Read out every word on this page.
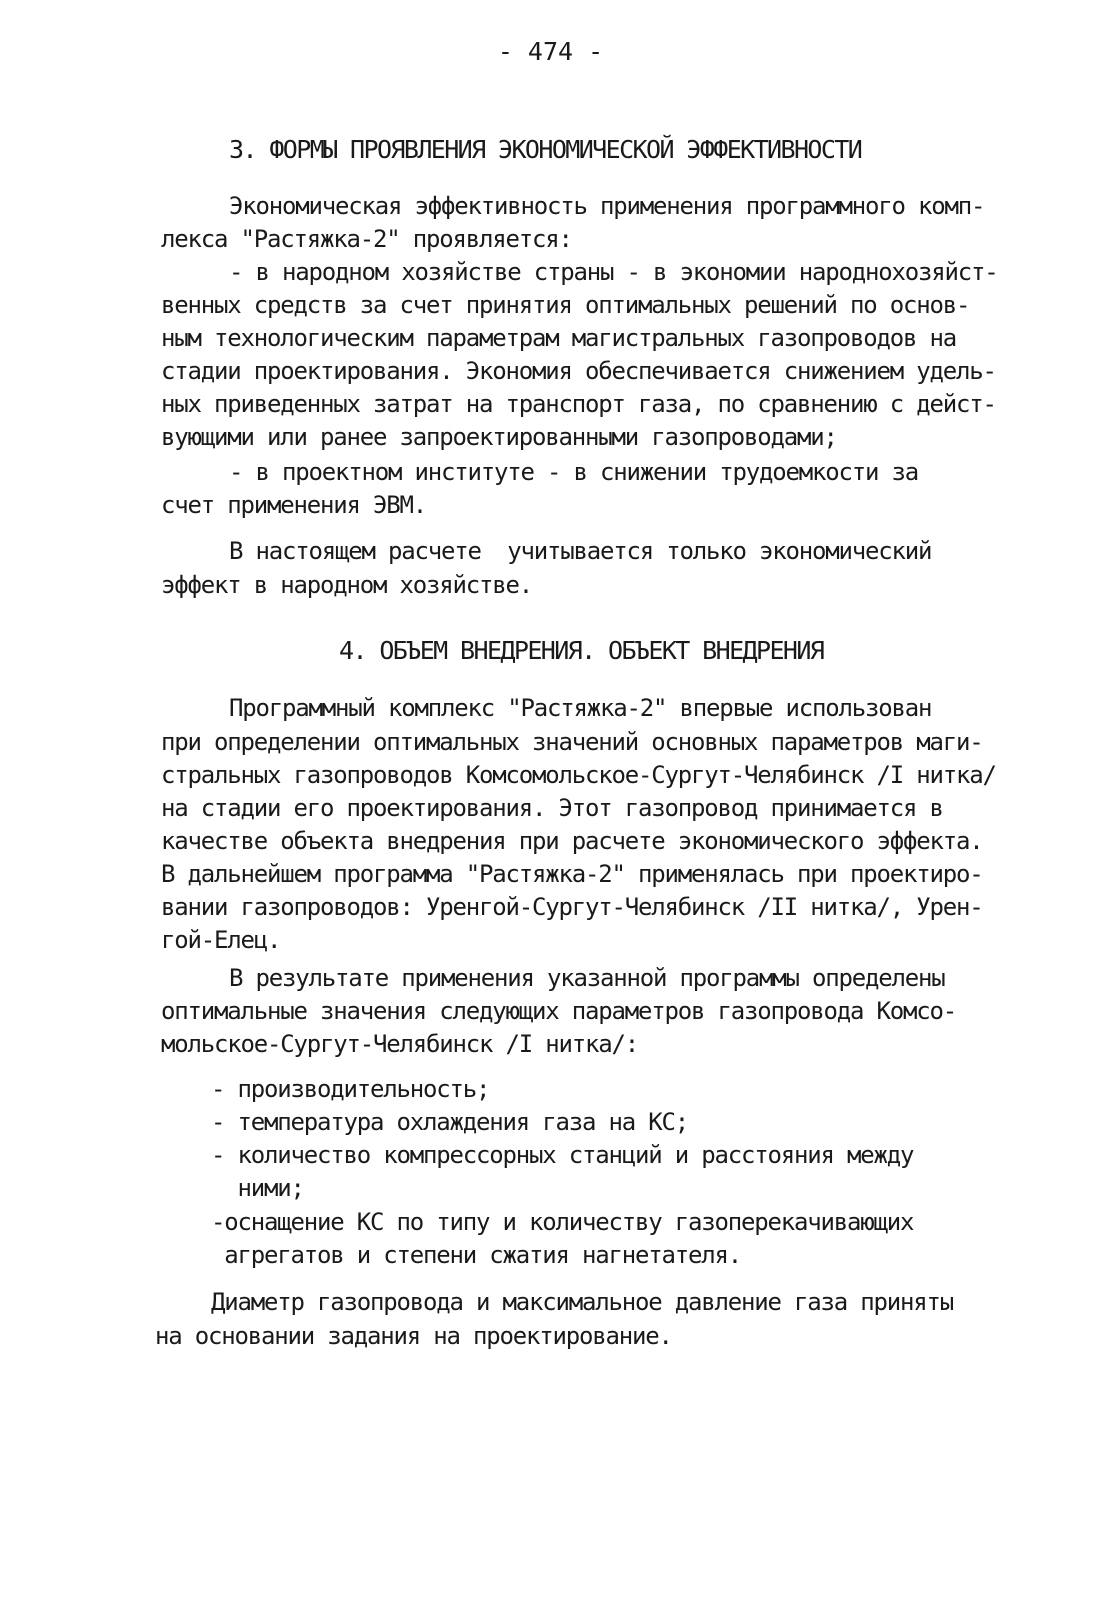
- 474 -
3. ФОРМЫ ПРОЯВЛЕНИЯ ЭКОНОМИЧЕСКОЙ ЭФФЕКТИВНОСТИ
Экономическая эффективность применения программного комп-
лекса "Растяжка-2" проявляется:
- в народном хозяйстве страны - в экономии народнохозяйст-
венных средств за счет принятия оптимальных решений по основ-
ным технологическим параметрам магистральных газопроводов на
стадии проектирования. Экономия обеспечивается снижением удель-
ных приведенных затрат на транспорт газа, по сравнению с дейст-
вующими или ранее запроектированными газопроводами;
- в проектном институте - в снижении трудоемкости за
счет применения ЭВМ.
В настоящем расчете  учитывается только экономический
эффект в народном хозяйстве.
4. ОБЪЕМ ВНЕДРЕНИЯ. ОБЪЕКТ ВНЕДРЕНИЯ
Программный комплекс "Растяжка-2" впервые использован
при определении оптимальных значений основных параметров маги-
стральных газопроводов Комсомольское-Сургут-Челябинск /I нитка/
на стадии его проектирования. Этот газопровод принимается в
качестве объекта внедрения при расчете экономического эффекта.
В дальнейшем программа "Растяжка-2" применялась при проектиро-
вании газопроводов: Уренгой-Сургут-Челябинск /II нитка/, Урен-
гой-Елец.
В результате применения указанной программы определены
оптимальные значения следующих параметров газопровода Комсо-
мольское-Сургут-Челябинск /I нитка/:
- производительность;
- температура охлаждения газа на КС;
- количество компрессорных станций и расстояния между
ними;
-оснащение КС по типу и количеству газоперекачивающих
агрегатов и степени сжатия нагнетателя.
Диаметр газопровода и максимальное давление газа приняты
на основании задания на проектирование.
